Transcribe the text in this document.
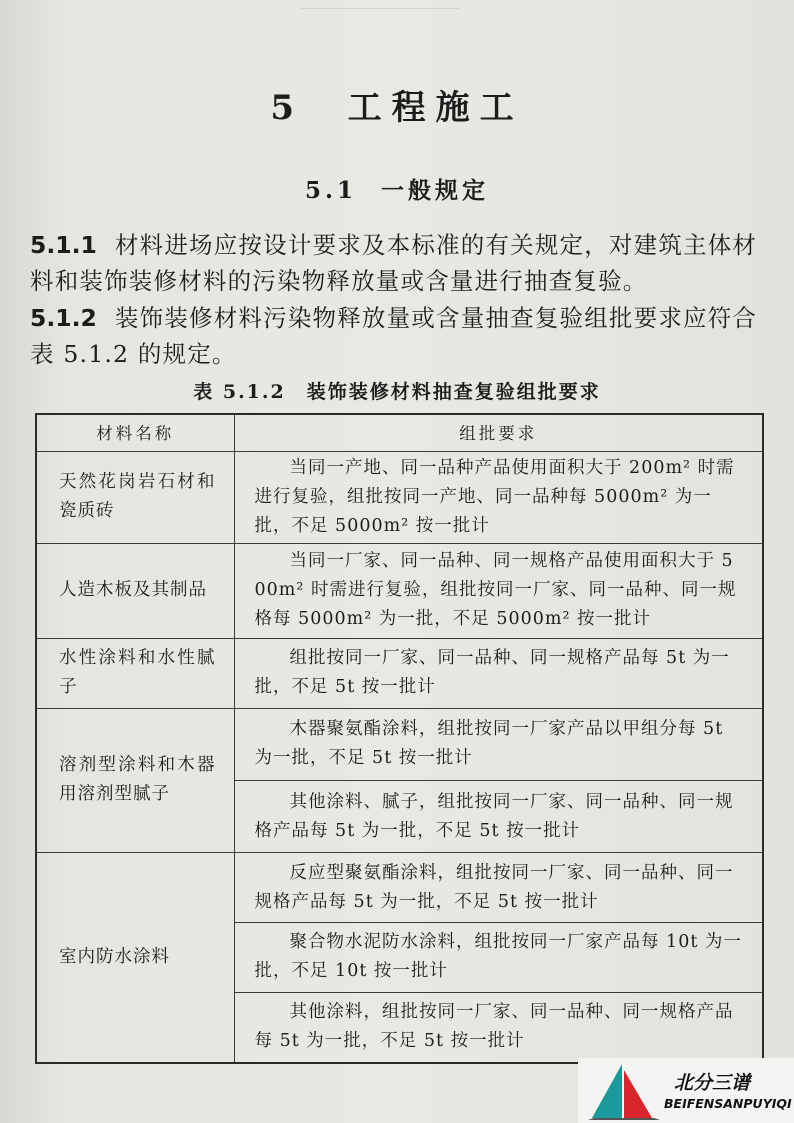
5 工程施工
5.1 一般规定
5.1.1 材料进场应按设计要求及本标准的有关规定，对建筑主体材料和装饰装修材料的污染物释放量或含量进行抽查复验。
5.1.2 装饰装修材料污染物释放量或含量抽查复验组批要求应符合表 5.1.2 的规定。
表 5.1.2　装饰装修材料抽查复验组批要求
材料名称	组批要求
天然花岗岩石材和瓷质砖	当同一产地、同一品种产品使用面积大于 200m² 时需进行复验，组批按同一产地、同一品种每 5000m² 为一批，不足 5000m² 按一批计
人造木板及其制品	当同一厂家、同一品种、同一规格产品使用面积大于 500m² 时需进行复验，组批按同一厂家、同一品种、同一规格每 5000m² 为一批，不足 5000m² 按一批计
水性涂料和水性腻子	组批按同一厂家、同一品种、同一规格产品每 5t 为一批，不足 5t 按一批计
溶剂型涂料和木器用溶剂型腻子	木器聚氨酯涂料，组批按同一厂家产品以甲组分每 5t 为一批，不足 5t 按一批计
	其他涂料、腻子，组批按同一厂家、同一品种、同一规格产品每 5t 为一批，不足 5t 按一批计
室内防水涂料	反应型聚氨酯涂料，组批按同一厂家、同一品种、同一规格产品每 5t 为一批，不足 5t 按一批计
	聚合物水泥防水涂料，组批按同一厂家产品每 10t 为一批，不足 10t 按一批计
	其他涂料，组批按同一厂家、同一品种、同一规格产品每 5t 为一批，不足 5t 按一批计
北分三谱
BEIFENSANPUYIQI
